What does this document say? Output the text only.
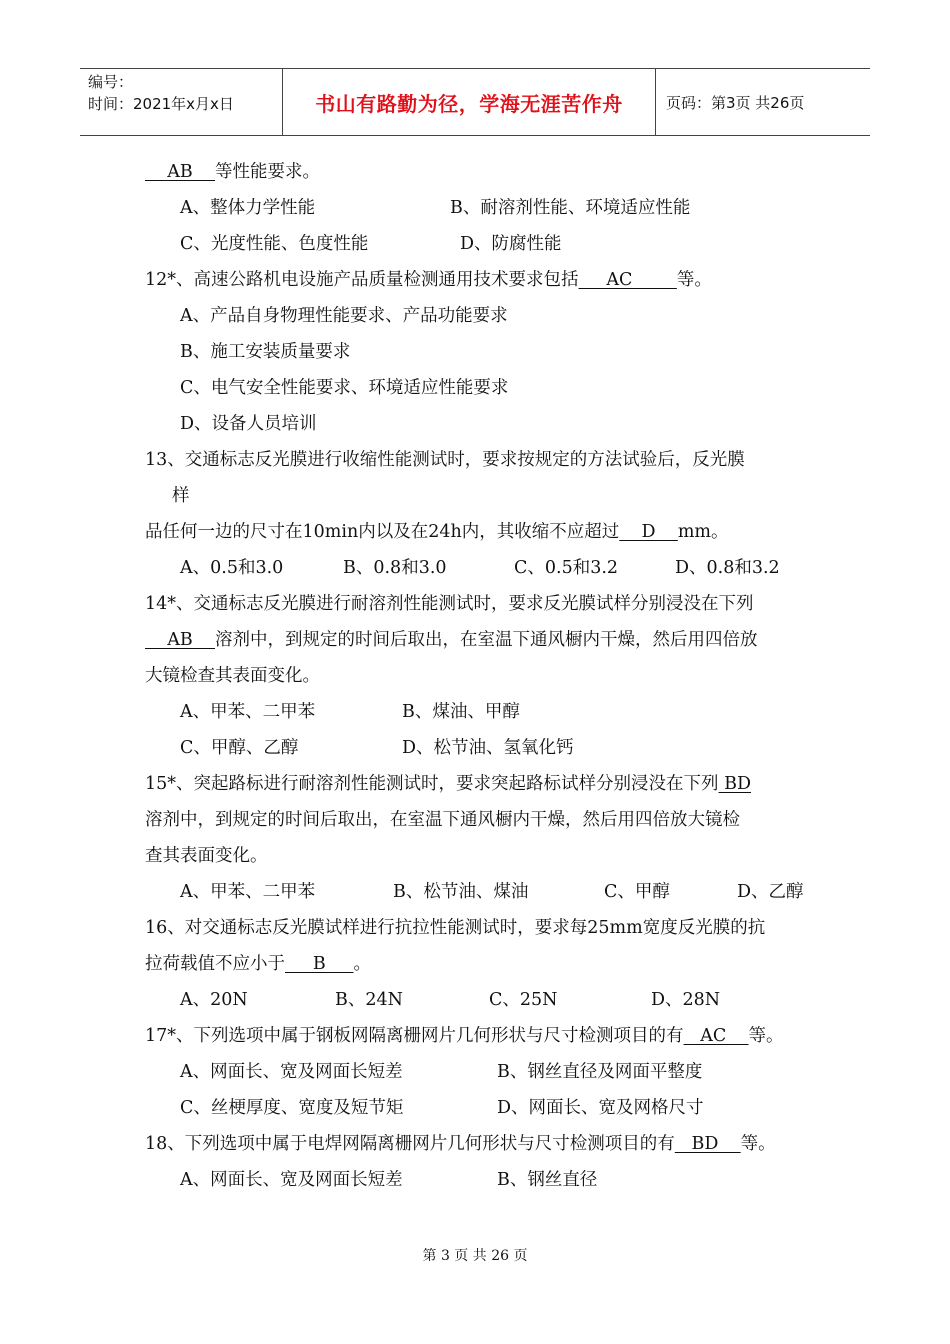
编号：
时间：2021年x月x日	书山有路勤为径，学海无涯苦作舟	页码：第3页 共26页
AB    等性能要求。
A、整体力学性能	B、耐溶剂性能、环境适应性能
C、光度性能、色度性能	D、防腐性能
12*、高速公路机电设施产品质量检测通用技术要求包括     AC        等。
A、产品自身物理性能要求、产品功能要求
B、施工安装质量要求
C、电气安全性能要求、环境适应性能要求
D、设备人员培训
13、交通标志反光膜进行收缩性能测试时，要求按规定的方法试验后，反光膜
样
品任何一边的尺寸在10min内以及在24h内，其收缩不应超过    D    mm。
A、0.5和3.0	B、0.8和3.0	C、0.5和3.2	D、0.8和3.2
14*、交通标志反光膜进行耐溶剂性能测试时，要求反光膜试样分别浸没在下列
AB    溶剂中，到规定的时间后取出，在室温下通风橱内干燥，然后用四倍放
大镜检查其表面变化。
A、甲苯、二甲苯	B、煤油、甲醇
C、甲醇、乙醇	D、松节油、氢氧化钙
15*、突起路标进行耐溶剂性能测试时，要求突起路标试样分别浸没在下列 BD
溶剂中，到规定的时间后取出，在室温下通风橱内干燥，然后用四倍放大镜检
查其表面变化。
A、甲苯、二甲苯	B、松节油、煤油	C、甲醇	D、乙醇
16、对交通标志反光膜试样进行抗拉性能测试时，要求每25mm宽度反光膜的抗
拉荷载值不应小于     B     。
A、20N	B、24N	C、25N	D、28N
17*、下列选项中属于钢板网隔离栅网片几何形状与尺寸检测项目的有   AC    等。
A、网面长、宽及网面长短差	B、钢丝直径及网面平整度
C、丝梗厚度、宽度及短节矩	D、网面长、宽及网格尺寸
18、下列选项中属于电焊网隔离栅网片几何形状与尺寸检测项目的有   BD    等。
A、网面长、宽及网面长短差	B、钢丝直径
第 3 页 共 26 页
